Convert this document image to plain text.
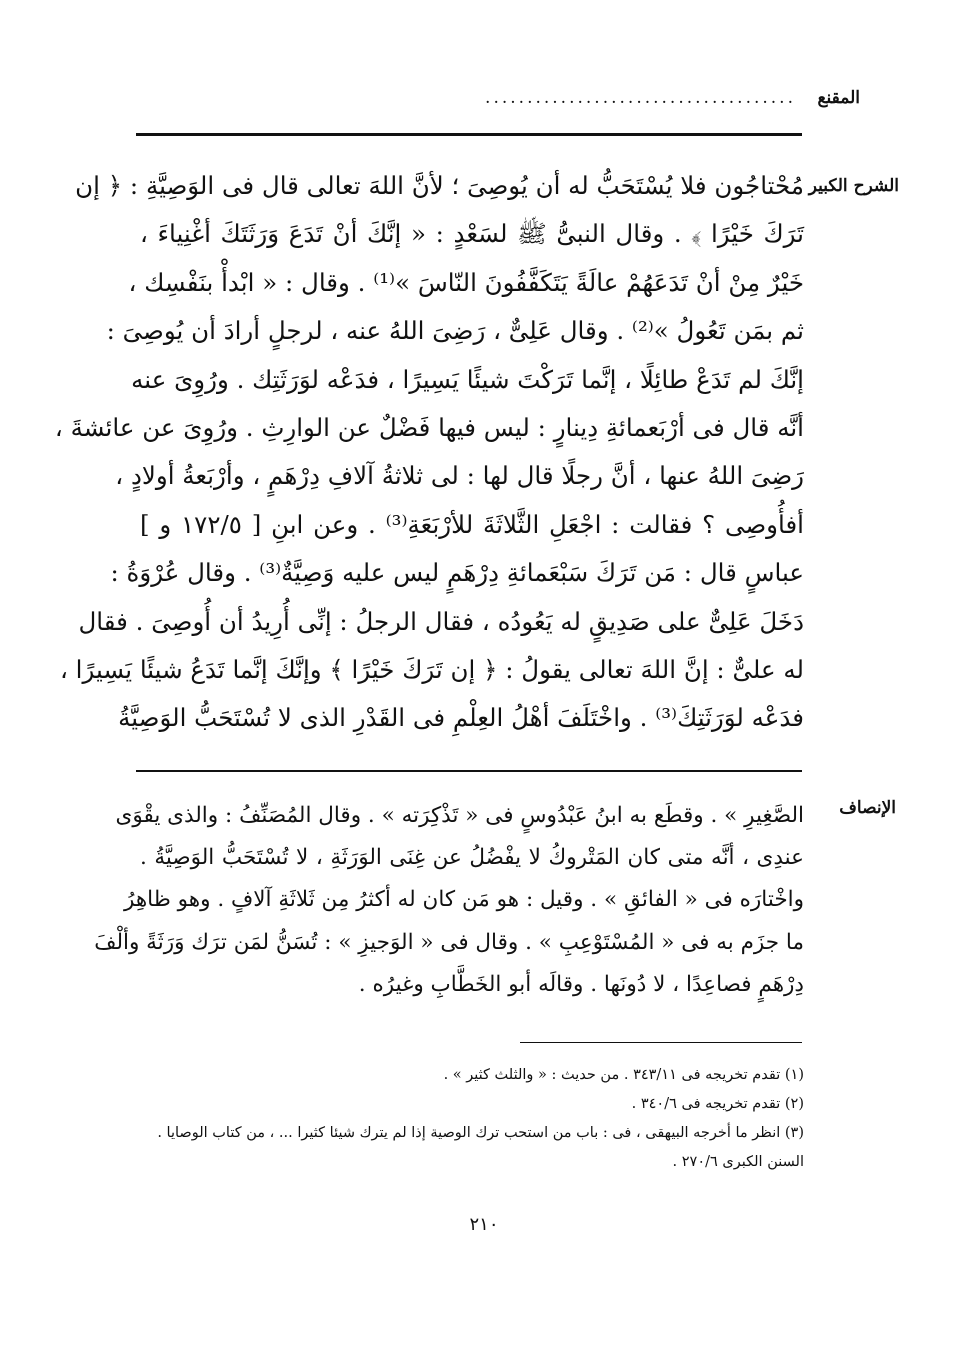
المقنع
.....................................
الشرح الكبير
مُحْتاجُون فلا يُسْتَحَبُّ له أن يُوصِىَ ؛ لأنَّ اللهَ تعالى قال فى الوَصِيَّةِ : ﴿ إن
تَرَكَ خَيْرًا ﴾ . وقال النبىُّ ﷺ لسَعْدٍ : « إنَّكَ أنْ تَدَعَ وَرَثَتَكَ أغْنِياءَ ،
خَيْرٌ مِنْ أنْ تَدَعَهُمْ عالَةً يَتَكَفَّفُونَ النّاسَ »⁽¹⁾ . وقال : « ابْدأْ بنَفْسِك ،
ثم بمَن تَعُولُ »⁽²⁾ . وقال عَلِىٌّ ، رَضِىَ اللهُ عنه ، لرجلٍ أرادَ أن يُوصِىَ :
إنَّكَ لم تَدَعْ طائِلًا ، إنَّما تَرَكْتَ شيئًا يَسِيرًا ، فدَعْه لوَرَثَتِك . ورُوِىَ عنه
أنَّه قال فى أرْبَعمائةِ دِينارٍ : ليس فيها فَضْلٌ عن الوارِثِ . ورُوِىَ عن عائشةَ ،
رَضِىَ اللهُ عنها ، أنَّ رجلًا قال لها : لى ثلاثةُ آلافِ دِرْهَمٍ ، وأرْبَعةُ أولادٍ ،
أفأُوصِى ؟ فقالت : اجْعَلِ الثَّلاثَةَ للأرْبَعَةِ⁽³⁾ . وعن ابنِ [ ١٧٢/٥ و ]
عباسٍ قال : مَن تَرَكَ سَبْعَمائةِ دِرْهَمٍ ليس عليه وَصِيَّةٌ⁽³⁾ . وقال عُرْوَةُ :
دَخَلَ عَلِىٌّ على صَدِيقٍ له يَعُودُه ، فقال الرجلُ : إنِّى أُرِيدُ أن أُوصِىَ . فقال
له علىٌّ : إنَّ اللهَ تعالى يقولُ : ﴿ إن تَرَكَ خَيْرًا ﴾ وإنَّكَ إنَّما تَدَعُ شيئًا يَسِيرًا ،
فدَعْه لوَرَثَتِكَ⁽³⁾ . واخْتَلَفَ أهْلُ العِلْمِ فى القَدْرِ الذى لا تُسْتَحَبُّ الوَصِيَّةُ
الإنصاف
الصَّغِيرِ » . وقطَع به ابنُ عَبْدُوسٍ فى « تَذْكِرَته » . وقال المُصَنِّفُ : والذى يقْوَى
عندِى ، أنَّه متى كان المَتْروكُ لا يفْضُلُ عن غِنَى الوَرَثَةِ ، لا تُسْتَحَبُّ الوَصِيَّةُ .
واخْتارَه فى « الفائقِ » . وقيل : هو مَن كان له أكثرُ مِن ثَلاثَةِ آلافٍ . وهو ظاهِرُ
ما جزَم به فى « المُسْتَوْعِبِ » . وقال فى « الوَجيزِ » : تُسَنُّ لمَن ترَك وَرَثَةً وألْفَ
دِرْهَمٍ فصاعِدًا ، لا دُونَها . وقالَه أبو الخَطَّابِ وغيرُه .
(١) تقدم تخريجه فى ٣٤٣/١١ . من حديث : « والثلث كثير » .
(٢) تقدم تخريجه فى ٣٤٠/٦ .
(٣) انظر ما أخرجه البيهقى ، فى : باب من استحب ترك الوصية إذا لم يترك شيئا كثيرا ... ، من كتاب الوصايا .
السنن الكبرى ٢٧٠/٦ .
٢١٠
